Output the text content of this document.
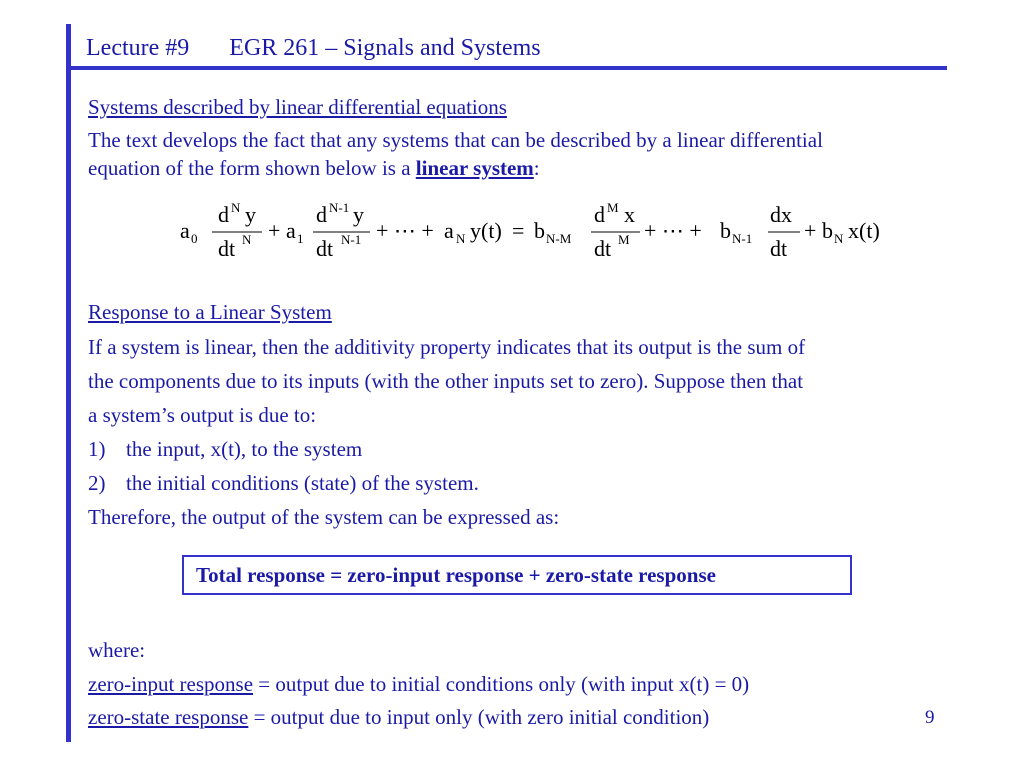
Lecture #9 EGR 261 – Signals and Systems
Systems described by linear differential equations
The text develops the fact that any systems that can be described by a linear differential
equation of the form shown below is a linear system:
a 0
d N y
dt N + a 1
d N-1 y
dt N-1 + ⋯ + a N y(t) = b N-M
d M x
dt M + ⋯ + b N-1
dx
dt
+ b N x(t)
Response to a Linear System
If a system is linear, then the additivity property indicates that its output is the sum of
the components due to its inputs (with the other inputs set to zero). Suppose then that
a system’s output is due to:
1) the input, x(t), to the system
2) the initial conditions (state) of the system.
Therefore, the output of the system can be expressed as:
Total response = zero-input response + zero-state response
where:
zero-input response = output due to initial conditions only (with input x(t) = 0)
zero-state response = output due to input only (with zero initial condition)	9
